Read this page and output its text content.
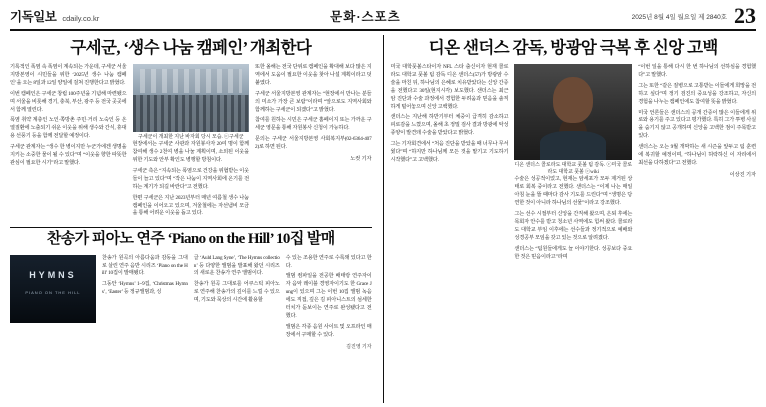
기독일보 cdaily.co.kr	문화·스포츠	2025년 8월 4일 월요일 제 2840호 23
구세군, ‘생수 나눔 캠페인’ 개최한다

기록적인 폭염 속 폭염이 계속되는 가운데, 구세군 서울지방본영이 시민들을 위한 ‘2025년 생수 나눔 캠페인’을 오는 8일과 12일 양일에 걸쳐 진행한다고 밝혔다.

이번 캠페인은 구세군 창립 100주년을 기념해 마련됐으며 서울을 비롯해 경기, 충북, 부산, 광주 등 전국 곳곳에서 함께 열린다.

폭염 취약 계층인 노인·쪽방촌 주민·거리 노숙인 등 온열질환에 노출되기 쉬운 이웃을 위해 생수와 간식, 휴대용 선풍기 등을 함께 전달할 예정이다.

구세군 관계자는 “생수 한 병이지만 누군가에겐 생명을 지키는 소중한 물이 될 수 있다”며 “이웃을 향한 따뜻한 관심이 필요한 시기”라고 말했다.

구세군이 개최한 지난 바자회 당시 모습. ⓒ구세군

현장에서는 구세군 사관과 자원봉사자 20여 명이 함께 참여해 생수 2천여 병을 나눌 계획이며, 소외된 이웃을 위한 기도와 안부 확인도 병행할 방침이다.

구세군 측은 “지속되는 폭염으로 건강을 위협받는 이웃들이 늘고 있다”며 “작은 나눔이 지역사회에 온기를 전하는 계기가 되길 바란다”고 전했다.

한편 구세군은 지난 2023년부터 매년 여름철 생수 나눔 캠페인을 이어오고 있으며, 겨울철에는 자선냄비 모금을 통해 어려운 이웃을 돕고 있다.

또한 올해는 전국 단위로 캠페인을 확대해 보다 많은 지역에서 도움이 필요한 이웃을 찾아 나설 계획이라고 덧붙였다.

구세군 서울지방본영 관계자는 “현장에서 만나는 분들의 미소가 가장 큰 보람”이라며 “앞으로도 지역사회와 함께하는 구세군이 되겠다”고 밝혔다.

참여를 원하는 시민은 구세군 홈페이지 또는 가까운 구세군 영문을 통해 자원봉사 신청이 가능하다.

문의는 구세군 서울지방본영 사회복지부(02-6364-4072)로 하면 된다.

노컷 기자
찬송가 피아노 연주 ‘Piano on the Hill’ 10집 발매
HYMNS
PIANO ON THE HILL

찬송가 원곡의 아름다움과 감동을 그대로 살린 연주 음반 시리즈 ‘Piano on the Hill’ 10집이 발매됐다.

그동안 ‘Hymns’ 1~9집, ‘Christmas Hymns’, ‘Easter’ 등 정규앨범과, 싱

글 ‘Auld Lang Syne’, ‘The Hymns collection’ 등 다양한 앨범을 발표해 왔던 시리즈의 새로운 찬송가 연주 앨범이다.

찬송가 원곡 그대로를 어쿠스틱 피아노로 연주해 찬송가의 깊이를 느낄 수 있으며, 기도와 묵상의 시간에 활용할

수 있는 조용한 연주로 수록돼 있다고 한다.

앨범 컴파일을 전공한 배태랑 연주자이자 음악 레이블 경영자이기도 한 Grace Jung이 있으며 그는 이번 10집 앨범 녹음에도 직접, 깊은 김 피아니스트의 섬세한 터치가 돋보이는 연주로 완성됐다고 전했다.

앨범은 각종 음원 사이트 및 오프라인 매장에서 구매할 수 있다.

김진영 기자
디온 샌더스 감독, 방광암 극복 후 신앙 고백

미국 대학풋볼스타이자 NFL 스타 출신이자 현재 콜로라도 대학교 풋볼 팀 감독 디온 샌더스(57)가 방광암 수술을 마친 뒤, 하나님의 은혜로 치유받았다는 신앙 간증을 전했다고 30일(현지시각) 보도했다. 샌더스는 최근 암 진단과 수술 과정에서 경험한 두려움과 믿음을 솔직하게 털어놓으며 신앙 고백했다.

샌더스는 지난해 하반기부터 체중이 급격히 감소하고 피로감을 느꼈으며, 올해 초 정밀 검사 결과 방광에 악성 종양이 발견돼 수술을 받았다고 밝혔다.

그는 기자회견에서 “처음 진단을 받았을 때 너무나 무서웠다”며 “하지만 하나님께 모든 것을 맡기고 기도하기 시작했다”고 고백했다.

디온 샌더스 콜로라도 대학교 풋볼 팀 감독. ⓒ미국 콜로라도 대학교 풋볼 ⓒwiki

수술은 성공적이었고, 현재는 암세포가 모두 제거된 상태로 회복 중이라고 전했다. 샌더스는 “이제 나는 매일 아침 눈을 뜰 때마다 감사 기도를 드린다”며 “생명은 당연한 것이 아니라 하나님의 선물”이라고 강조했다.

그는 선수 시절부터 신앙을 간직해 왔으며, 은퇴 후에는 목회자 안수를 받고 청소년 사역에도 힘써 왔다. 콜로라도 대학교 부임 이후에는 선수들과 정기적으로 예배와 성경공부 모임을 갖고 있는 것으로 알려졌다.

샌더스는 “팀원들에게도 늘 이야기한다. 성공보다 중요한 것은 믿음이라고”라며

“이번 일을 통해 다시 한 번 하나님의 선하심을 경험했다”고 말했다.

그는 또한 “같은 질병으로 고통받는 이들에게 희망을 전하고 싶다”며 정기 검진의 중요성을 강조하고, 자신의 경험을 나누는 캠페인에도 참여할 뜻을 밝혔다.

미국 언론들은 샌더스의 공개 간증이 많은 이들에게 위로와 용기를 주고 있다고 평가했다. 특히 그가 투병 사실을 숨기지 않고 공개하며 신앙을 고백한 점이 주목받고 있다.

샌더스는 오는 9월 개막하는 새 시즌을 앞두고 팀 훈련에 복귀할 예정이며, “하나님이 허락하신 이 자리에서 최선을 다하겠다”고 전했다.

이상진 기자
